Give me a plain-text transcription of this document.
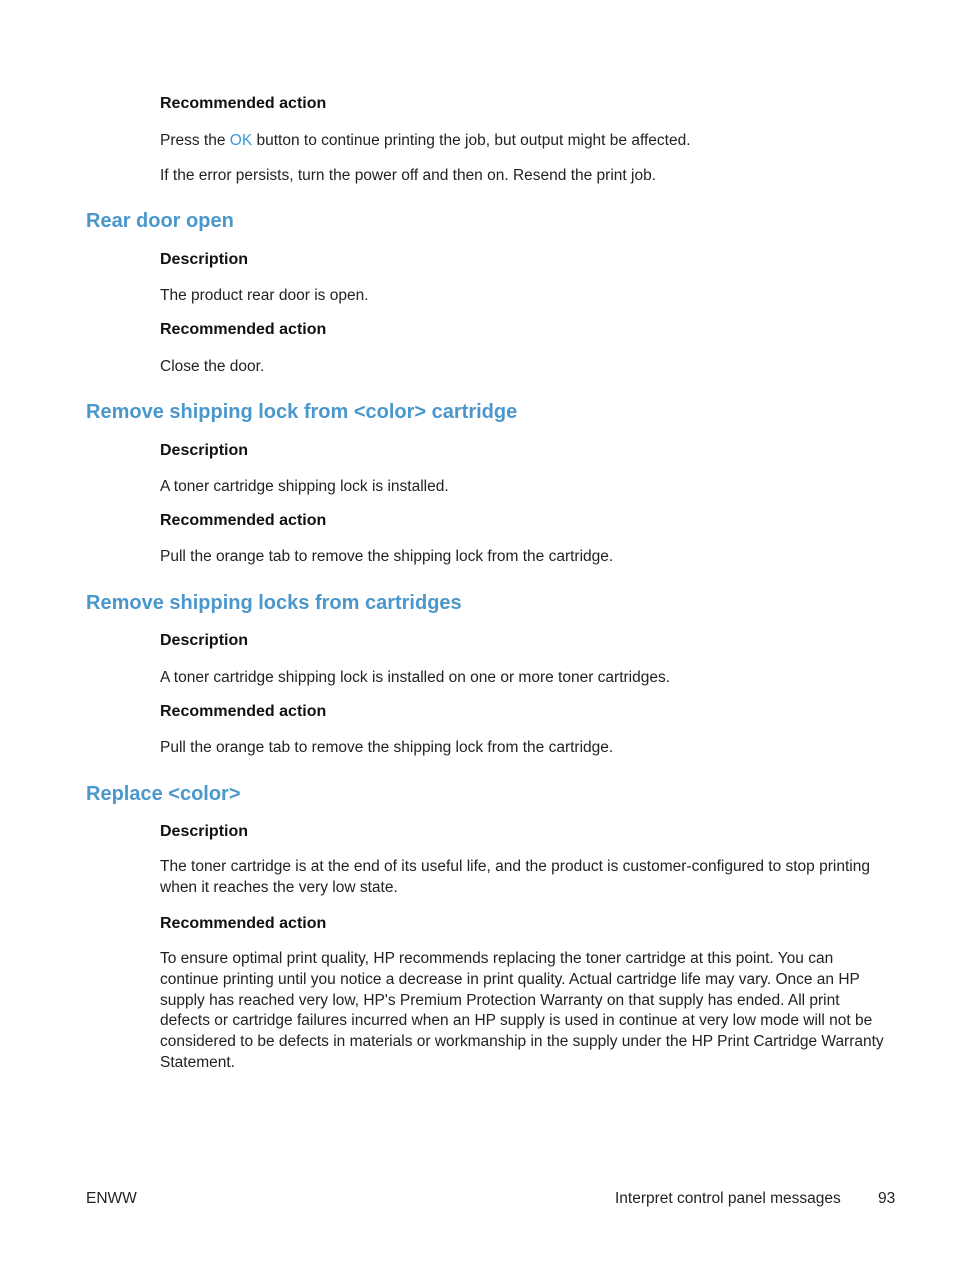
Recommended action
Press the OK button to continue printing the job, but output might be affected.
If the error persists, turn the power off and then on. Resend the print job.
Rear door open
Description
The product rear door is open.
Recommended action
Close the door.
Remove shipping lock from <color> cartridge
Description
A toner cartridge shipping lock is installed.
Recommended action
Pull the orange tab to remove the shipping lock from the cartridge.
Remove shipping locks from cartridges
Description
A toner cartridge shipping lock is installed on one or more toner cartridges.
Recommended action
Pull the orange tab to remove the shipping lock from the cartridge.
Replace <color>
Description
The toner cartridge is at the end of its useful life, and the product is customer-configured to stop printing when it reaches the very low state.
Recommended action
To ensure optimal print quality, HP recommends replacing the toner cartridge at this point. You can continue printing until you notice a decrease in print quality. Actual cartridge life may vary. Once an HP supply has reached very low, HP's Premium Protection Warranty on that supply has ended. All print defects or cartridge failures incurred when an HP supply is used in continue at very low mode will not be considered to be defects in materials or workmanship in the supply under the HP Print Cartridge Warranty Statement.
ENWW	Interpret control panel messages 93
